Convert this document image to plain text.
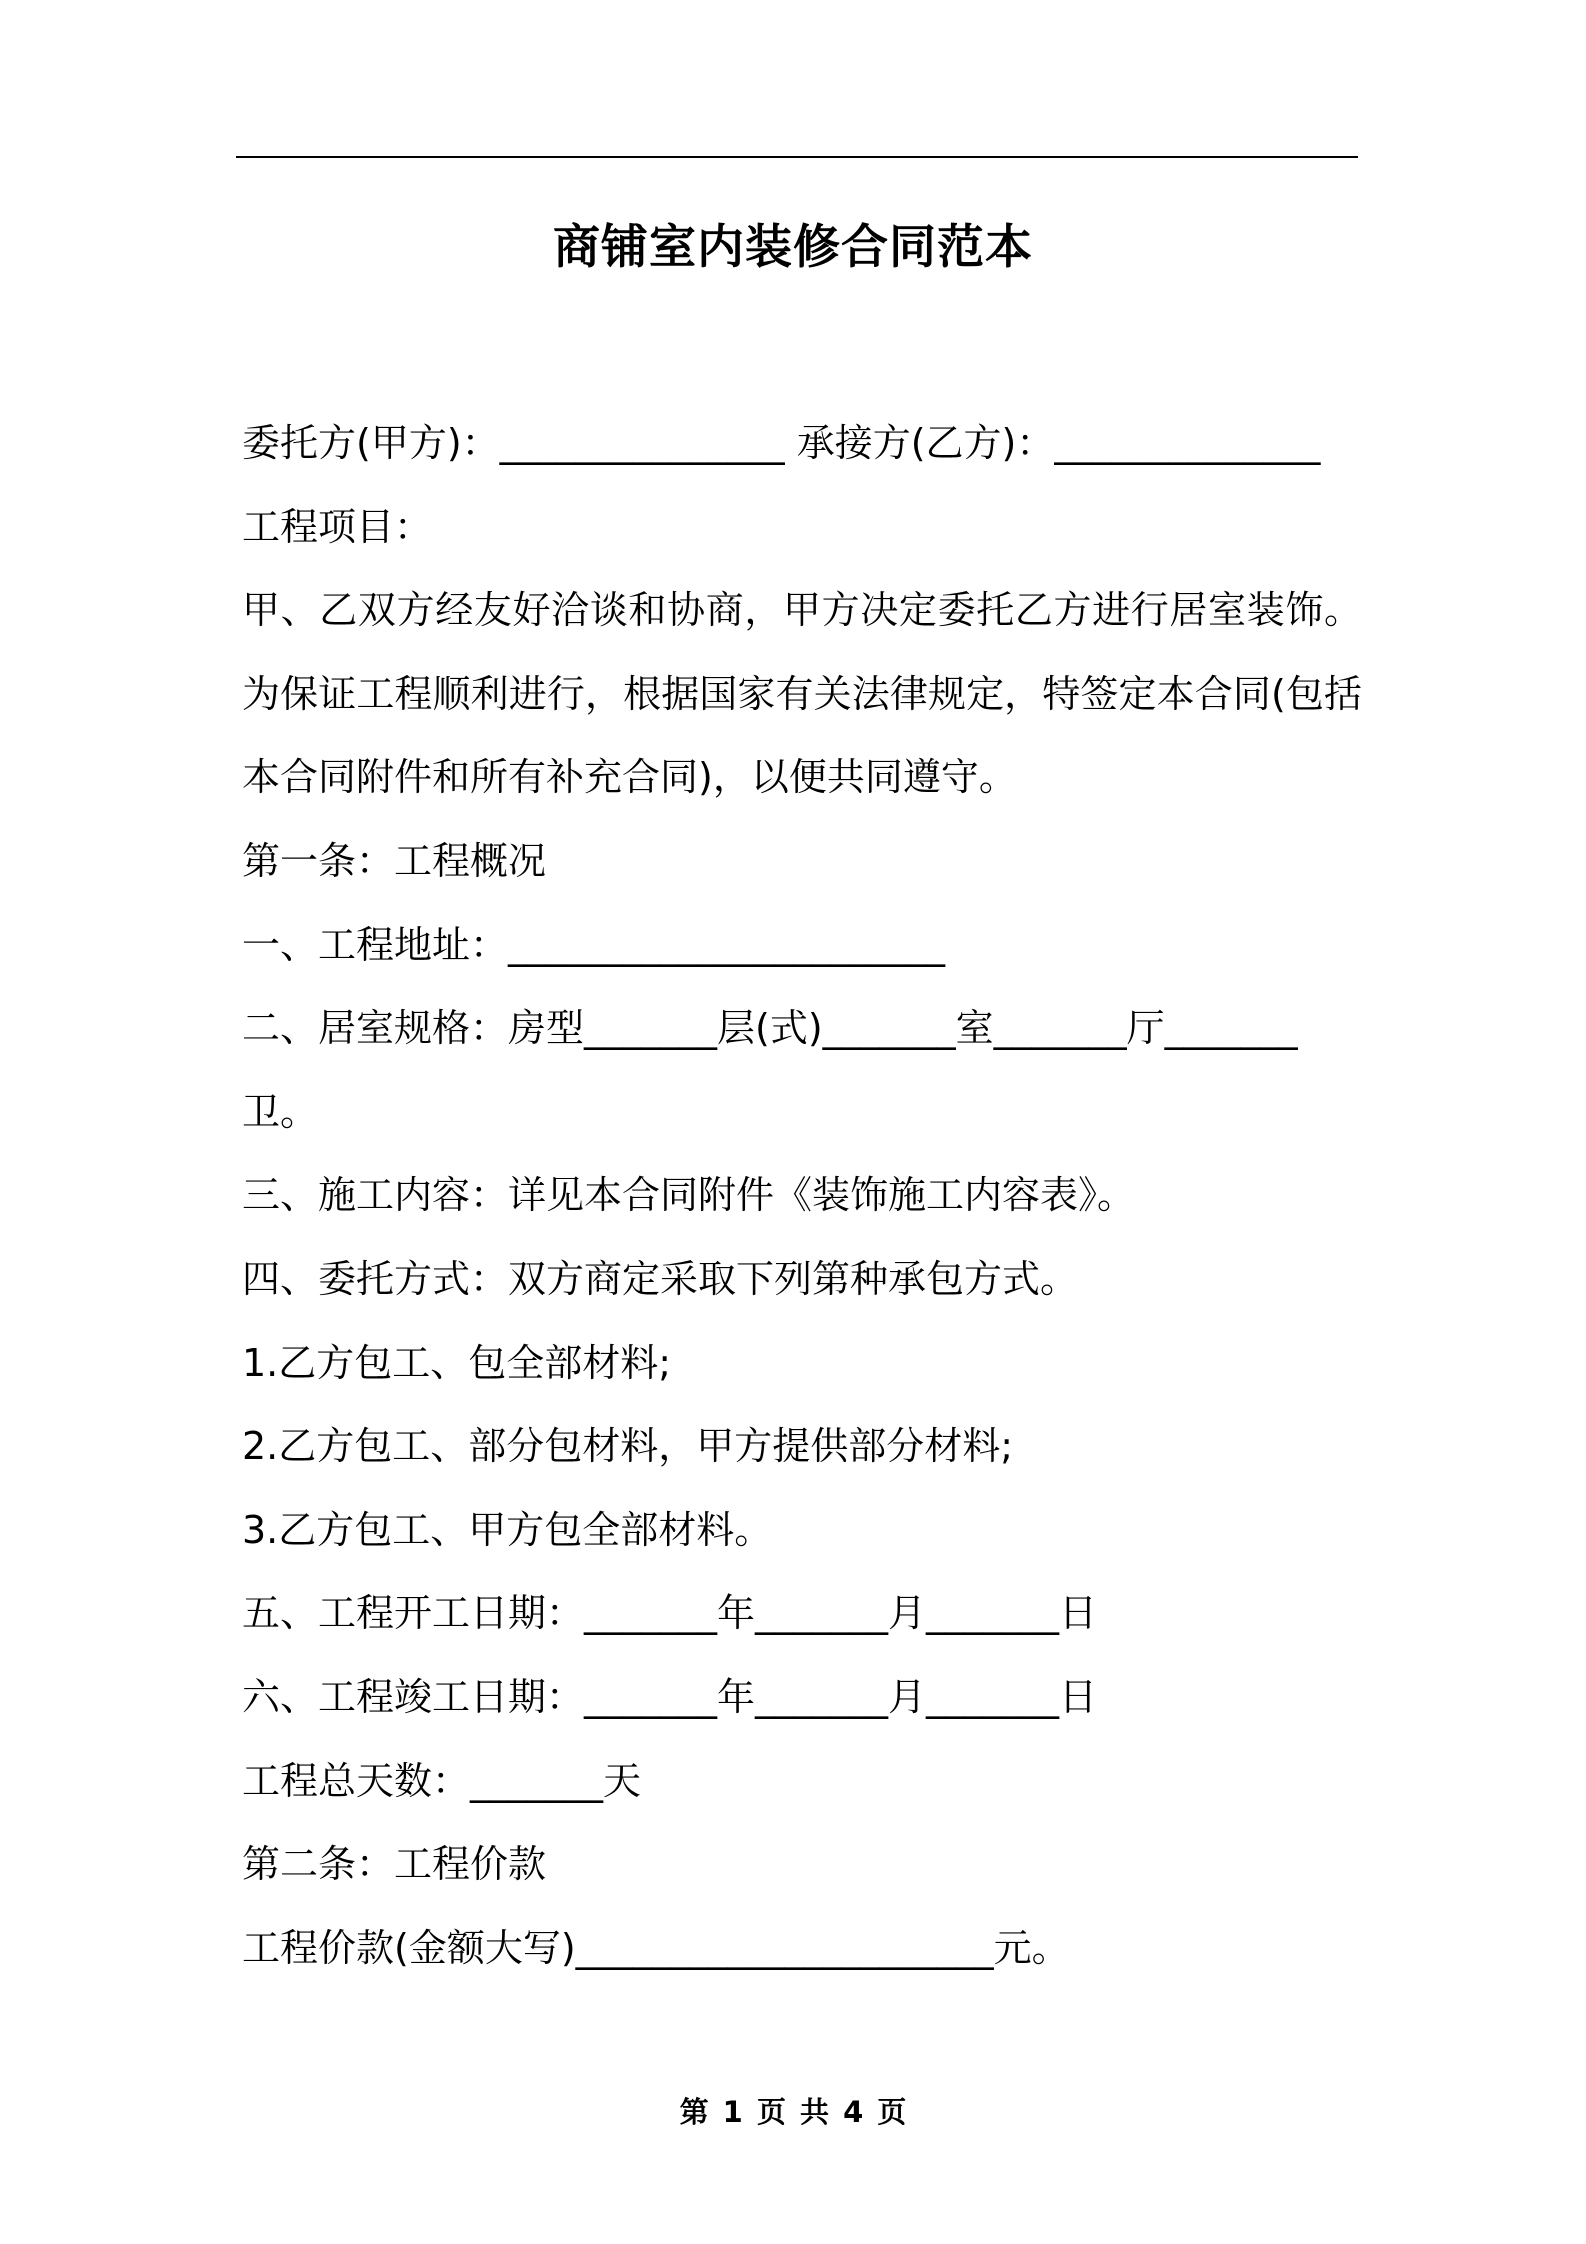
商铺室内装修合同范本
委托方(甲方)：_______________ 承接方(乙方)：______________
工程项目：
甲、乙双方经友好洽谈和协商，甲方决定委托乙方进行居室装饰。为保证工程顺利进行，根据国家有关法律规定，特签定本合同(包括本合同附件和所有补充合同)，以便共同遵守。
第一条：工程概况
一、工程地址：_______________________
二、居室规格：房型_______层(式)_______室_______厅_______
卫。
三、施工内容：详见本合同附件《装饰施工内容表》。
四、委托方式：双方商定采取下列第种承包方式。
1.乙方包工、包全部材料;
2.乙方包工、部分包材料，甲方提供部分材料;
3.乙方包工、甲方包全部材料。
五、工程开工日期：_______年_______月_______日
六、工程竣工日期：_______年_______月_______日
工程总天数：_______天
第二条：工程价款
工程价款(金额大写)______________________元。
第 1 页 共 4 页
